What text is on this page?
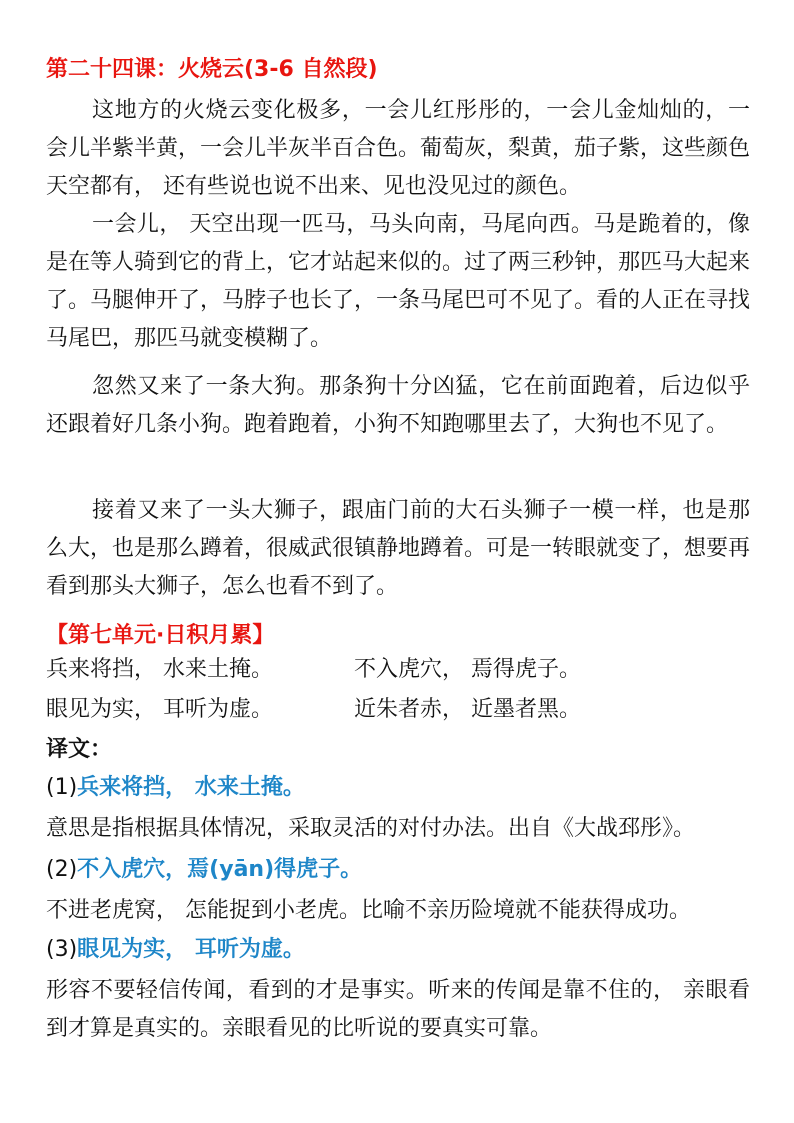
第二十四课：火烧云(3-6 自然段)

这地方的火烧云变化极多，一会儿红彤彤的，一会儿金灿灿的，一会儿半紫半黄，一会儿半灰半百合色。葡萄灰，梨黄，茄子紫，这些颜色天空都有， 还有些说也说不出来、见也没见过的颜色。

一会儿， 天空出现一匹马，马头向南，马尾向西。马是跪着的，像是在等人骑到它的背上，它才站起来似的。过了两三秒钟，那匹马大起来了。马腿伸开了，马脖子也长了，一条马尾巴可不见了。看的人正在寻找马尾巴，那匹马就变模糊了。

忽然又来了一条大狗。那条狗十分凶猛，它在前面跑着，后边似乎还跟着好几条小狗。跑着跑着，小狗不知跑哪里去了，大狗也不见了。

接着又来了一头大狮子，跟庙门前的大石头狮子一模一样，也是那么大，也是那么蹲着，很威武很镇静地蹲着。可是一转眼就变了，想要再看到那头大狮子，怎么也看不到了。

【第七单元·日积月累】
兵来将挡， 水来土掩。	不入虎穴， 焉得虎子。
眼见为实， 耳听为虚。	近朱者赤， 近墨者黑。
译文：
(1)兵来将挡， 水来土掩。

意思是指根据具体情况，采取灵活的对付办法。出自《大战邳彤》。

(2)不入虎穴，焉(yān)得虎子。

不进老虎窝， 怎能捉到小老虎。比喻不亲历险境就不能获得成功。

(3)眼见为实， 耳听为虚。

形容不要轻信传闻，看到的才是事实。听来的传闻是靠不住的， 亲眼看到才算是真实的。亲眼看见的比听说的要真实可靠。
